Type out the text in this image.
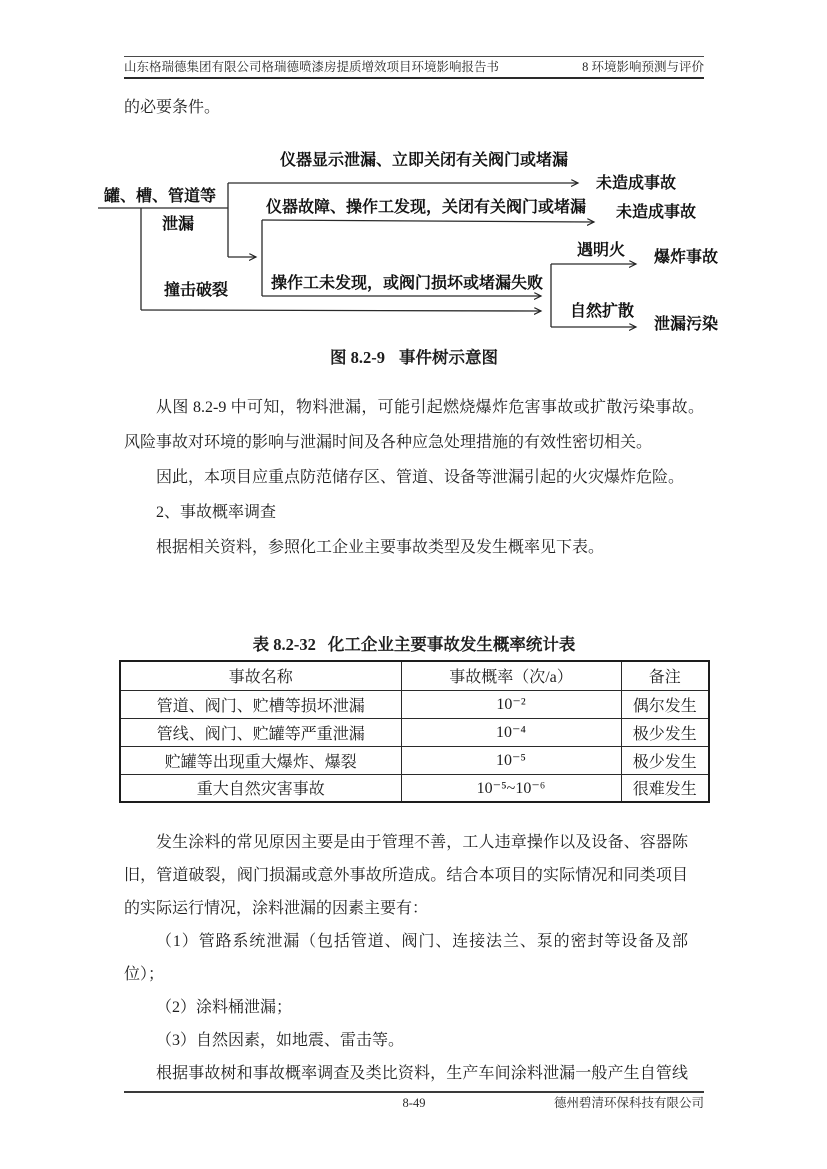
山东格瑞德集团有限公司格瑞德喷漆房提质增效项目环境影响报告书	8 环境影响预测与评价
的必要条件。
罐、槽、管道等
泄漏
撞击破裂
仪器显示泄漏、立即关闭有关阀门或堵漏
未造成事故
仪器故障、操作工发现，关闭有关阀门或堵漏 未造成事故
操作工未发现，或阀门损坏或堵漏失败
遇明火 爆炸事故
自然扩散
泄漏污染
图 8.2-9 事件树示意图

从图 8.2-9 中可知，物料泄漏，可能引起燃烧爆炸危害事故或扩散污染事故。风险事故对环境的影响与泄漏时间及各种应急处理措施的有效性密切相关。

因此，本项目应重点防范储存区、管道、设备等泄漏引起的火灾爆炸危险。

2、事故概率调查

根据相关资料，参照化工企业主要事故类型及发生概率见下表。

表 8.2-32 化工企业主要事故发生概率统计表
事故名称	事故概率（次/a）	备注
管道、阀门、贮槽等损坏泄漏	10⁻²	偶尔发生
管线、阀门、贮罐等严重泄漏	10⁻⁴	极少发生
贮罐等出现重大爆炸、爆裂	10⁻⁵	极少发生
重大自然灾害事故	10⁻⁵~10⁻⁶	很难发生

发生涂料的常见原因主要是由于管理不善，工人违章操作以及设备、容器陈旧，管道破裂，阀门损漏或意外事故所造成。结合本项目的实际情况和同类项目的实际运行情况，涂料泄漏的因素主要有：

（1）管路系统泄漏（包括管道、阀门、连接法兰、泵的密封等设备及部位）；

（2）涂料桶泄漏；

（3）自然因素，如地震、雷击等。

根据事故树和事故概率调查及类比资料，生产车间涂料泄漏一般产生自管线

8-49	德州碧清环保科技有限公司
